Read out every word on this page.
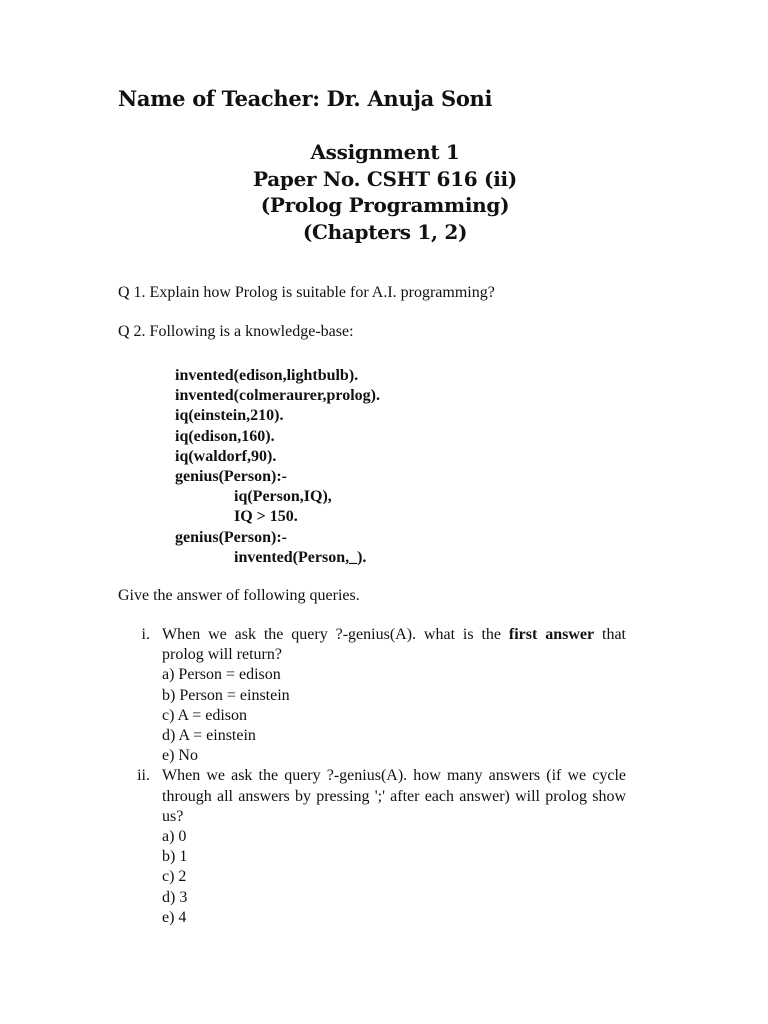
Name of Teacher: Dr. Anuja Soni
Assignment 1
Paper No. CSHT 616 (ii)
(Prolog Programming)
(Chapters 1, 2)
Q 1. Explain how Prolog is suitable for A.I. programming?
Q 2. Following is a knowledge-base:
invented(edison,lightbulb).
invented(colmeraurer,prolog).
iq(einstein,210).
iq(edison,160).
iq(waldorf,90).
genius(Person):-
iq(Person,IQ),
IQ > 150.
genius(Person):-
invented(Person,_).
Give the answer of following queries.
i. When we ask the query ?-genius(A). what is the first answer that prolog will return?
a) Person = edison
b) Person = einstein
c) A = edison
d) A = einstein
e) No
ii. When we ask the query ?-genius(A). how many answers (if we cycle through all answers by pressing ';' after each answer) will prolog show us?
a) 0
b) 1
c) 2
d) 3
e) 4
